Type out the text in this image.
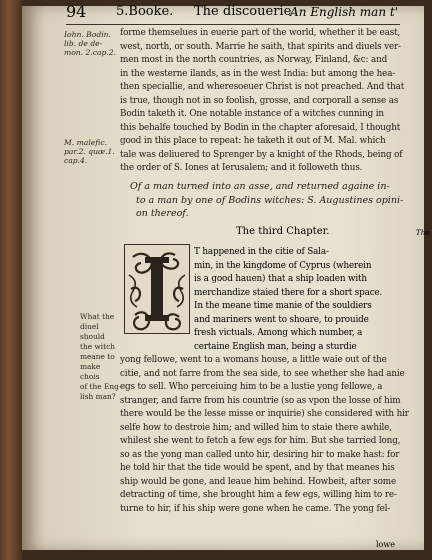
94 5.Booke. The discouerie
An English man t'
Iohn. Bodin.
lib. de de-
mon. 2.cap.2.
M. malefic.
par.2. quæ.1.
cap.4.
What the
diuel should
the witch
meane to
make chois
of the Eng-
lish man?
forme themselues in euerie part of the world, whether it be east,
west, north, or south. Marrie he saith, that spirits and diuels ver-
men most in the north countries, as Norway, Finland, &c: and
in the westerne ilands, as in the west India: but among the hea-
then speciallie, and wheresoeuer Christ is not preached. And that
is true, though not in so foolish, grosse, and corporall a sense as
Bodin taketh it. One notable instance of a witches cunning in
this behalfe touched by Bodin in the chapter aforesaid, I thought
good in this place to repeat: he taketh it out of M. Mal. which
tale was deliuered to Sprenger by a knight of the Rhods, being of
the order of S. Iones at Ierusalem; and it followeth thus.
Of a man turned into an asse, and returned againe in-
to a man by one of Bodins witches: S. Augustines opini-
on thereof.
The third Chapter.	The
T happened in the citie of Sala-
min, in the kingdome of Cyprus (wherein
is a good hauen) that a ship loaden with
merchandize staied there for a short space.
In the meane time manie of the souldiers
and mariners went to shoare, to prouide
fresh victuals. Among which number, a
certaine English man, being a sturdie
yong fellowe, went to a womans house, a little waie out of the
citie, and not farre from the sea side, to see whether she had anie
egs to sell. Who perceiuing him to be a lustie yong fellowe, a
stranger, and farre from his countrie (so as vpon the losse of him
there would be the lesse misse or inquirie) she considered with hir
selfe how to destroie him; and willed him to staie there awhile,
whilest she went to fetch a few egs for him. But she tarried long,
so as the yong man called unto hir, desiring hir to make hast: for
he told hir that the tide would be spent, and by that meanes his
ship would be gone, and leaue him behind. Howbeit, after some
detracting of time, she brought him a few egs, willing him to re-
turne to hir, if his ship were gone when he came. The yong fel-
lowe
